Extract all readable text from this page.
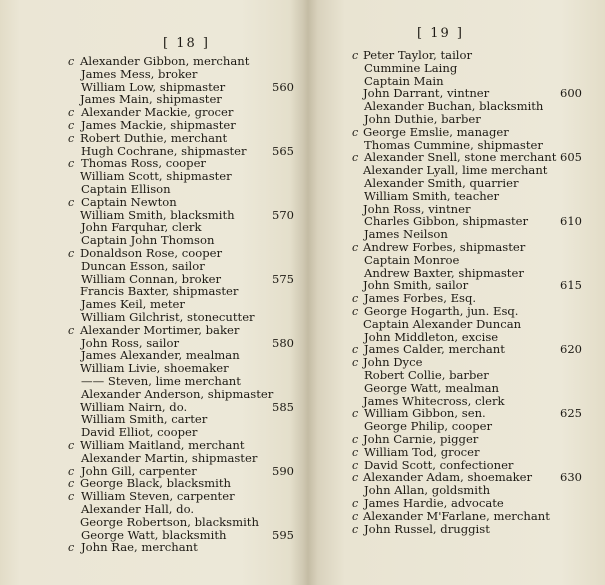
[ 18 ]
c Alexander Gibbon, merchant
James Mess, broker
William Low, shipmaster	560
James Main, shipmaster
c Alexander Mackie, grocer
c James Mackie, shipmaster
c Robert Duthie, merchant
Hugh Cochrane, shipmaster 565
c Thomas Ross, cooper
William Scott, shipmaster
Captain Ellison
c Captain Newton
William Smith, blacksmith	570
John Farquhar, clerk
Captain John Thomson
c Donaldson Rose, cooper
Duncan Esson, sailor
William Connan, broker	575
Francis Baxter, shipmaster
James Keil, meter
William Gilchrist, stonecutter
c Alexander Mortimer, baker
John Ross, sailor	580
James Alexander, mealman
William Livie, shoemaker
—— Steven, lime merchant
Alexander Anderson, shipmaster
William Nairn, do.	585
William Smith, carter
David Elliot, cooper
c William Maitland, merchant
Alexander Martin, shipmaster
c John Gill, carpenter	590
c George Black, blacksmith
c William Steven, carpenter
Alexander Hall, do.
George Robertson, blacksmith
George Watt, blacksmith	595
c John Rae, merchant
[ 19 ]
c Peter Taylor, tailor
Cummine Laing
Captain Main
John Darrant, vintner	600
Alexander Buchan, blacksmith
John Duthie, barber
c George Emslie, manager
Thomas Cummine, shipmaster
c Alexander Snell, stone merchant 605
Alexander Lyall, lime merchant
Alexander Smith, quarrier
William Smith, teacher
John Ross, vintner
Charles Gibbon, shipmaster	610
James Neilson
c Andrew Forbes, shipmaster
Captain Monroe
Andrew Baxter, shipmaster
John Smith, sailor	615
c James Forbes, Esq.
c George Hogarth, jun. Esq.
Captain Alexander Duncan
John Middleton, excise
c James Calder, merchant	620
c John Dyce
Robert Collie, barber
George Watt, mealman
James Whitecross, clerk
c William Gibbon, sen.	625
George Philip, cooper
c John Carnie, pigger
c William Tod, grocer
c David Scott, confectioner
c Alexander Adam, shoemaker 630
John Allan, goldsmith
c James Hardie, advocate
c Alexander M'Farlane, merchant
c John Russel, druggist
